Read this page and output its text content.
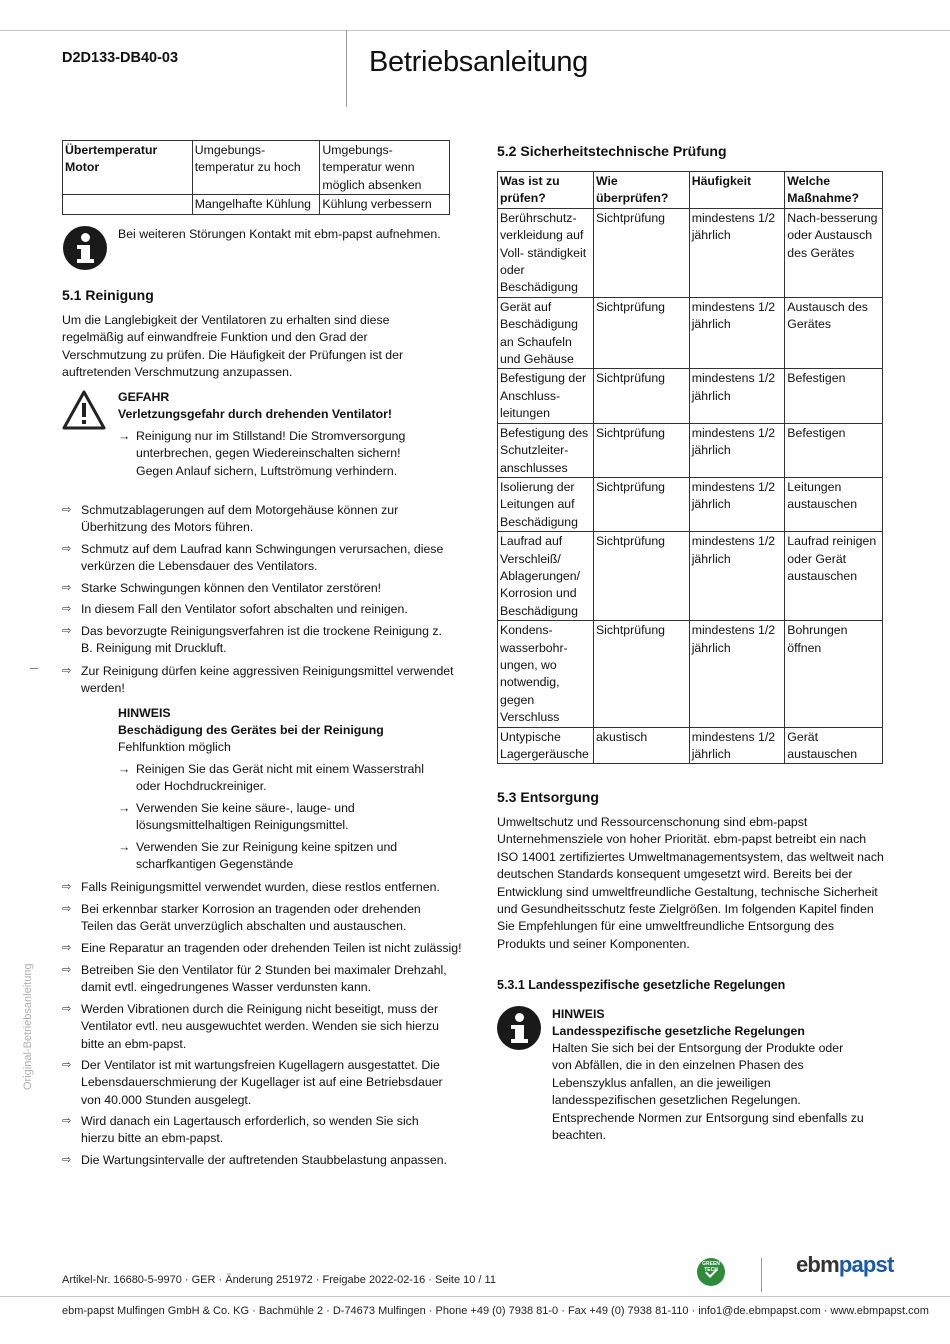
D2D133-DB40-03	Betriebsanleitung
Übertemperatur Motor	Umgebungs-temperatur zu hoch	Umgebungs-temperatur wenn möglich absenken
	Mangelhafte Kühlung	Kühlung verbessern
Bei weiteren Störungen Kontakt mit ebm-papst aufnehmen.
5.1 Reinigung
Um die Langlebigkeit der Ventilatoren zu erhalten sind diese regelmäßig auf einwandfreie Funktion und den Grad der Verschmutzung zu prüfen. Die Häufigkeit der Prüfungen ist der auftretenden Verschmutzung anzupassen.
GEFAHR
Verletzungsgefahr durch drehenden Ventilator!
→ Reinigung nur im Stillstand! Die Stromversorgung unterbrechen, gegen Wiedereinschalten sichern! Gegen Anlauf sichern, Luftströmung verhindern.
⇨ Schmutzablagerungen auf dem Motorgehäuse können zur Überhitzung des Motors führen.
⇨ Schmutz auf dem Laufrad kann Schwingungen verursachen, diese verkürzen die Lebensdauer des Ventilators.
⇨ Starke Schwingungen können den Ventilator zerstören!
⇨ In diesem Fall den Ventilator sofort abschalten und reinigen.
⇨ Das bevorzugte Reinigungsverfahren ist die trockene Reinigung z. B. Reinigung mit Druckluft.
⇨ Zur Reinigung dürfen keine aggressiven Reinigungsmittel verwendet werden!
HINWEIS
Beschädigung des Gerätes bei der Reinigung
Fehlfunktion möglich
→ Reinigen Sie das Gerät nicht mit einem Wasserstrahl oder Hochdruckreiniger.
→ Verwenden Sie keine säure-, lauge- und lösungsmittelhaltigen Reinigungsmittel.
→ Verwenden Sie zur Reinigung keine spitzen und scharfkantigen Gegenstände
⇨ Falls Reinigungsmittel verwendet wurden, diese restlos entfernen.
⇨ Bei erkennbar starker Korrosion an tragenden oder drehenden Teilen das Gerät unverzüglich abschalten und austauschen.
⇨ Eine Reparatur an tragenden oder drehenden Teilen ist nicht zulässig!
⇨ Betreiben Sie den Ventilator für 2 Stunden bei maximaler Drehzahl, damit evtl. eingedrungenes Wasser verdunsten kann.
⇨ Werden Vibrationen durch die Reinigung nicht beseitigt, muss der Ventilator evtl. neu ausgewuchtet werden. Wenden sie sich hierzu bitte an ebm-papst.
⇨ Der Ventilator ist mit wartungsfreien Kugellagern ausgestattet. Die Lebensdauerschmierung der Kugellager ist auf eine Betriebsdauer von 40.000 Stunden ausgelegt.
⇨ Wird danach ein Lagertausch erforderlich, so wenden Sie sich hierzu bitte an ebm-papst.
⇨ Die Wartungsintervalle der auftretenden Staubbelastung anpassen.
5.2 Sicherheitstechnische Prüfung
Was ist zu prüfen?	Wie überprüfen?	Häufigkeit	Welche Maßnahme?
Berührschutz-verkleidung auf Voll- ständigkeit oder Beschädigung	Sichtprüfung	mindestens 1/2 jährlich	Nach-besserung oder Austausch des Gerätes
Gerät auf Beschädigung an Schaufeln und Gehäuse	Sichtprüfung	mindestens 1/2 jährlich	Austausch des Gerätes
Befestigung der Anschluss-leitungen	Sichtprüfung	mindestens 1/2 jährlich	Befestigen
Befestigung des Schutzleiter-anschlusses	Sichtprüfung	mindestens 1/2 jährlich	Befestigen
Isolierung der Leitungen auf Beschädigung	Sichtprüfung	mindestens 1/2 jährlich	Leitungen austauschen
Laufrad auf Verschleiß/ Ablagerungen/ Korrosion und Beschädigung	Sichtprüfung	mindestens 1/2 jährlich	Laufrad reinigen oder Gerät austauschen
Kondens-wasserbohr-ungen, wo notwendig, gegen Verschluss	Sichtprüfung	mindestens 1/2 jährlich	Bohrungen öffnen
Untypische Lagergeräusche	akustisch	mindestens 1/2 jährlich	Gerät austauschen
5.3 Entsorgung
Umweltschutz und Ressourcenschonung sind ebm-papst Unternehmensziele von hoher Priorität. ebm-papst betreibt ein nach ISO 14001 zertifiziertes Umweltmanagementsystem, das weltweit nach deutschen Standards konsequent umgesetzt wird. Bereits bei der Entwicklung sind umweltfreundliche Gestaltung, technische Sicherheit und Gesundheitsschutz feste Zielgrößen. Im folgenden Kapitel finden Sie Empfehlungen für eine umweltfreundliche Entsorgung des Produkts und seiner Komponenten.
5.3.1 Landesspezifische gesetzliche Regelungen
HINWEIS
Landesspezifische gesetzliche Regelungen
Halten Sie sich bei der Entsorgung der Produkte oder von Abfällen, die in den einzelnen Phasen des Lebenszyklus anfallen, an die jeweiligen landesspezifischen gesetzlichen Regelungen. Entsprechende Normen zur Entsorgung sind ebenfalls zu beachten.
Original-Betriebsanleitung
Artikel-Nr. 16680-5-9970 · GER · Änderung 251972 · Freigabe 2022-02-16 · Seite 10 / 11
GREEN TECH	ebmpapst
ebm-papst Mulfingen GmbH & Co. KG · Bachmühle 2 · D-74673 Mulfingen · Phone +49 (0) 7938 81-0 · Fax +49 (0) 7938 81-110 · info1@de.ebmpapst.com · www.ebmpapst.com
